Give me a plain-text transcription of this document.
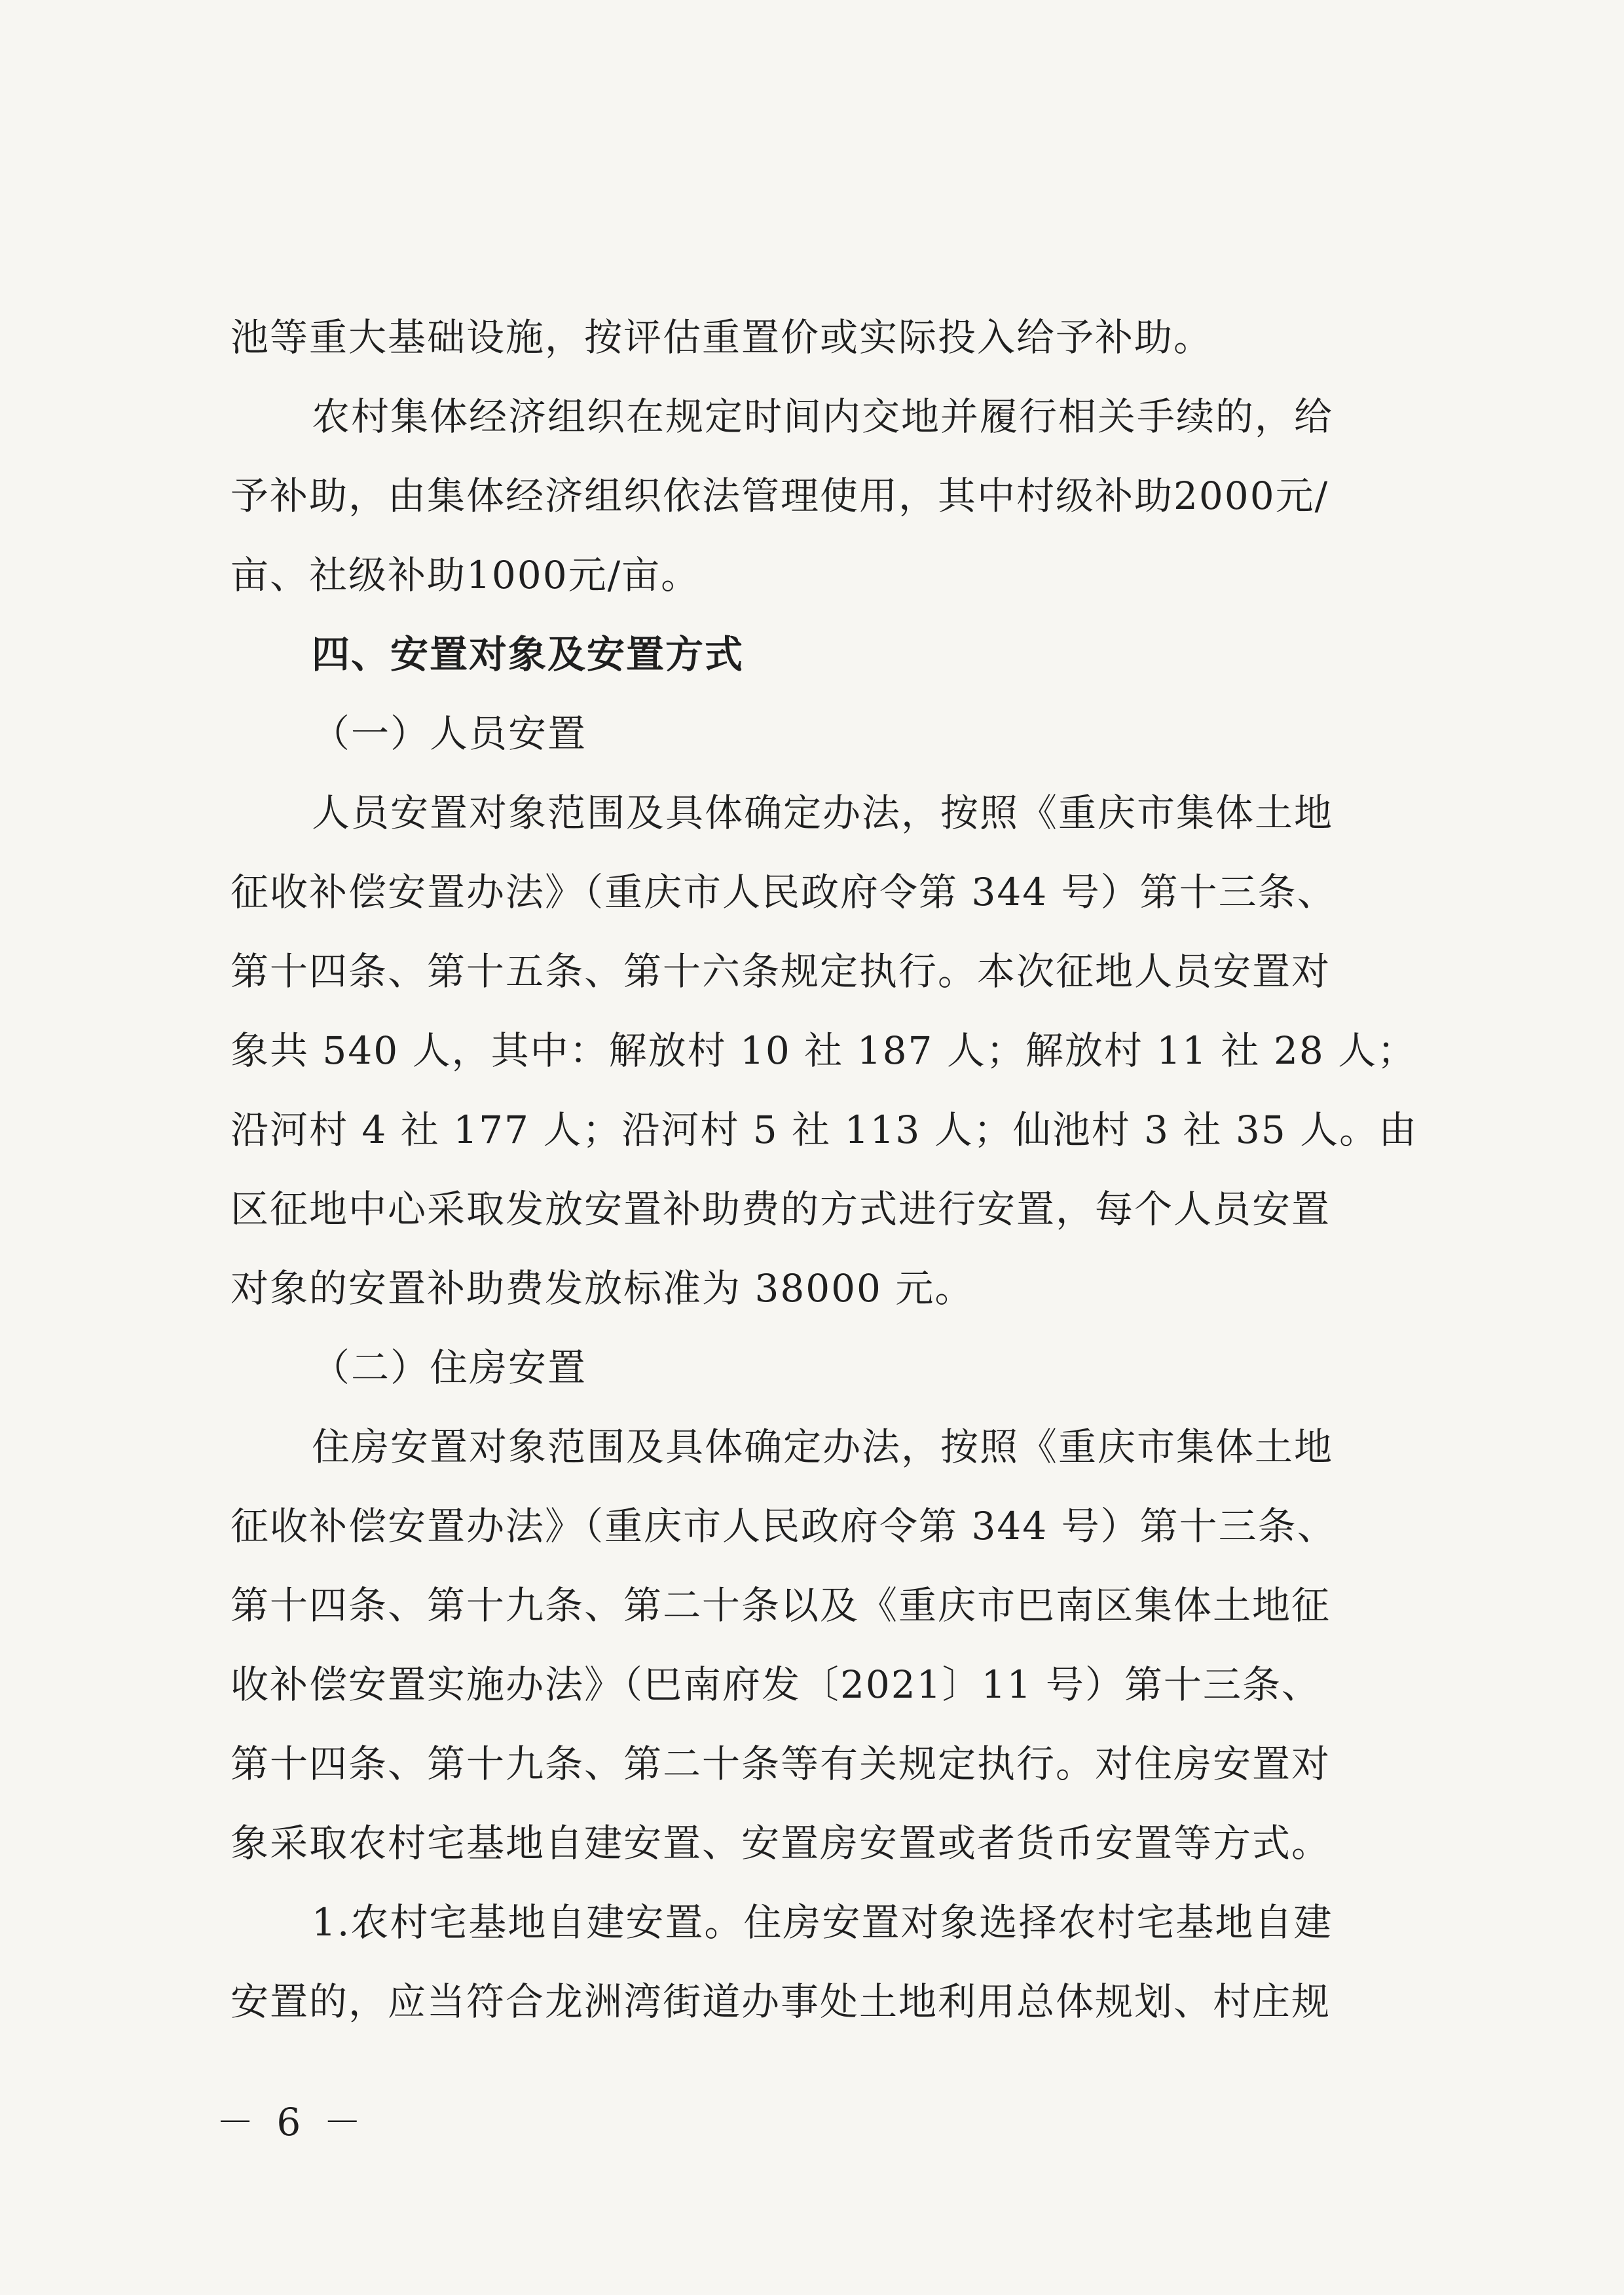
池等重大基础设施，按评估重置价或实际投入给予补助。
农村集体经济组织在规定时间内交地并履行相关手续的，给
予补助，由集体经济组织依法管理使用，其中村级补助2000元/
亩、社级补助1000元/亩。
四、安置对象及安置方式
（一）人员安置
人员安置对象范围及具体确定办法，按照《重庆市集体土地
征收补偿安置办法》（重庆市人民政府令第 344 号）第十三条、
第十四条、第十五条、第十六条规定执行。本次征地人员安置对
象共 540 人，其中：解放村 10 社 187 人；解放村 11 社 28 人；
沿河村 4 社 177 人；沿河村 5 社 113 人；仙池村 3 社 35 人。由
区征地中心采取发放安置补助费的方式进行安置，每个人员安置
对象的安置补助费发放标准为 38000 元。
（二）住房安置
住房安置对象范围及具体确定办法，按照《重庆市集体土地
征收补偿安置办法》（重庆市人民政府令第 344 号）第十三条、
第十四条、第十九条、第二十条以及《重庆市巴南区集体土地征
收补偿安置实施办法》（巴南府发〔2021〕11 号）第十三条、
第十四条、第十九条、第二十条等有关规定执行。对住房安置对
象采取农村宅基地自建安置、安置房安置或者货币安置等方式。
1.农村宅基地自建安置。住房安置对象选择农村宅基地自建
安置的，应当符合龙洲湾街道办事处土地利用总体规划、村庄规
－ 6 －
